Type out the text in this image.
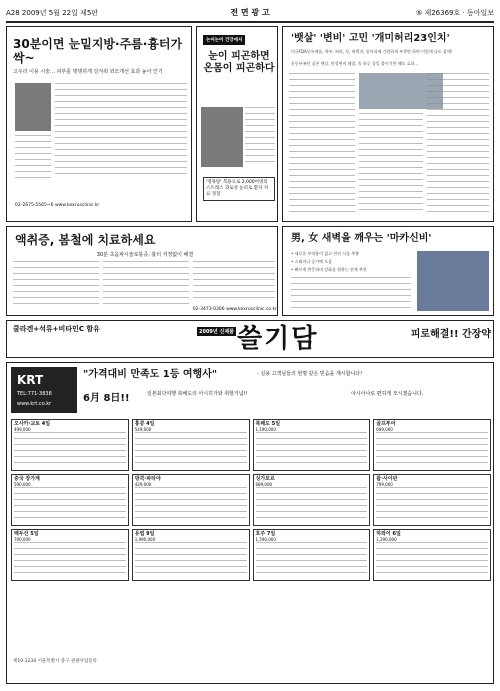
A28 2009년 5월 22일 제5판	전 면 광 고	⑤ 제26369호 · 동아일보
30분이면 눈밑지방·주름·흉터가 싹~
고우리 이용 시술… 피부를 탱탱하게 당겨줘 외모개선 효과 높아 인기
02-2675-5565~6 www.kexrusclinic.kr
논어논어 건강에서
눈이 피곤하면 온몸이 피곤하다
'명목탕' 복용으로 2,000여명의 스트레스 과로성 눈피로 환자 치료 경험
'뱃살' '변비' 고민 '개미허리23인치'
미국FDA등록제품, 복부, 허리, 등, 허벅지, 종아리에 간편하게 부착만 하면 이렇게 나도 몸매!
운동부족인 실온 뱃살, 만성변비 해결, 꼭 하루 종일 붙이기만 해도 효과...
액취증, 봄철에 치료하세요
30분 초음파시술로통증, 흉터 걱정없이 해결
02-3473-0306 www.kexrusclinic.co.kr
男, 女 새벽을 깨우는 '마카신비'
• 새로운 부작용이 없고 천연 식물 추출
• 스태미나 증가에 도움
• 빠르게 반응하며 강화를 원하는 분께 추천
쿨라겐+석류+비타민C 함유	2009년 신제품 쓸기담	피로해결!! 간장약
KRT
TEL:771-3838
www.krt.co.kr
"가격대비 만족도 1등 여행사"	- 실용 고객님들의 현명 같은 믿음을 제시합니다!
6月 8日!!	일본최다여행 북해도의 아시히가와 취항기념!!	아시아나로 편하게 모시겠습니다.
오사카·교토 4일
499,000
홍콩 4일
549,000
북해도 5일
1,190,000
골프투어
699,000
중국 장가계
590,000
방콕·파타야
429,000
싱가포르
689,000
괌·사이판
799,000
백두산 5일
790,000
유럽 9일
1,990,000
호주 7일
1,590,000
하와이 6일
1,290,000
제10-1234 서울특별시 중구 관광사업등록
